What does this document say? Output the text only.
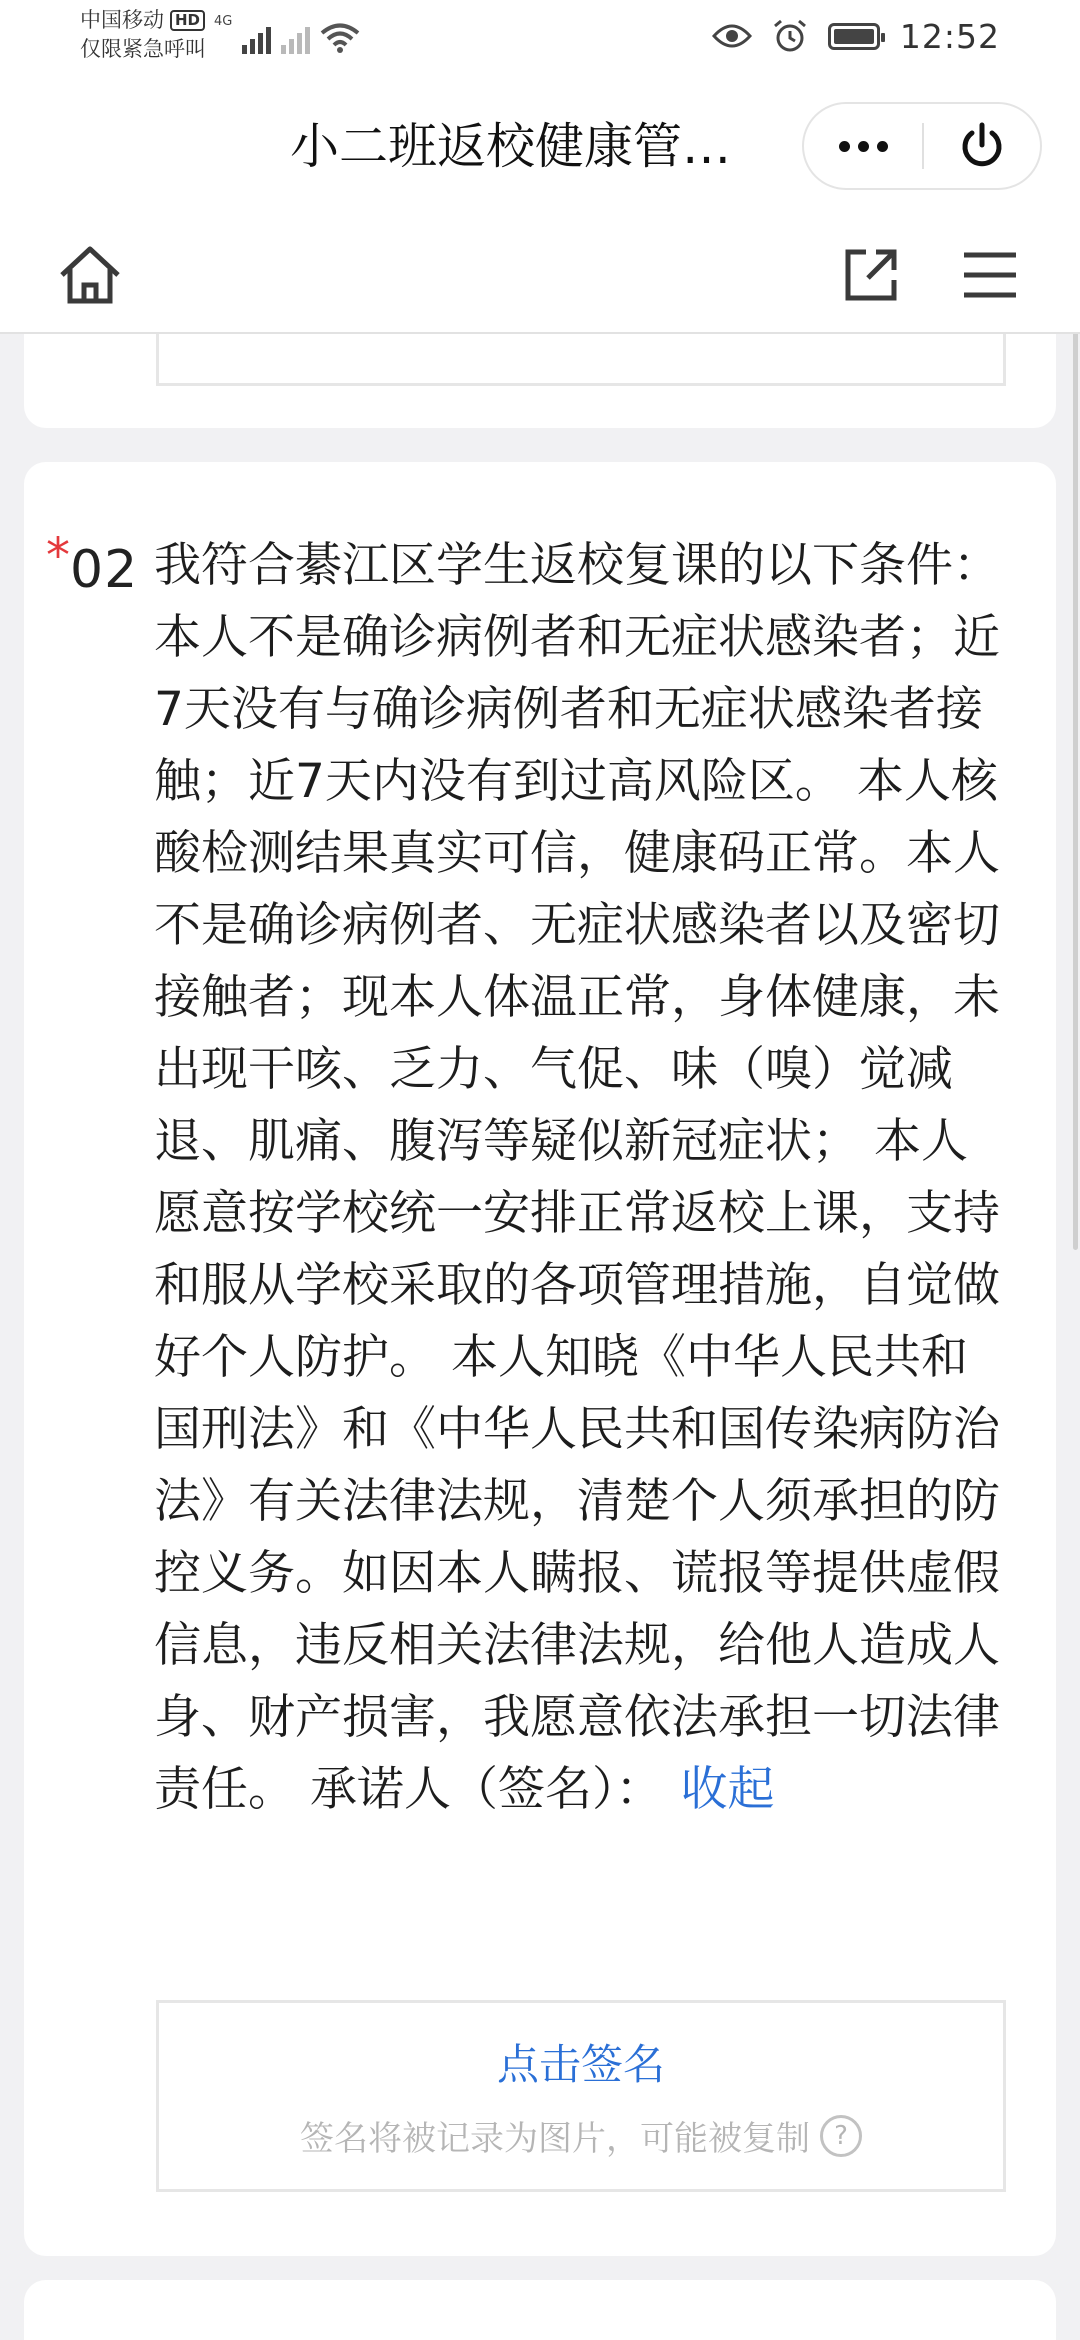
中国移动 HD
仅限紧急呼叫
4G	12:52
小二班返校健康管…
* 02 我符合綦江区学生返校复课的以下条件： 本人不是确诊病例者和无症状感染者；近7天没有与确诊病例者和无症状感染者接触；近7天内没有到过高风险区。 本人核酸检测结果真实可信，健康码正常。本人不是确诊病例者、无症状感染者以及密切接触者；现本人体温正常，身体健康，未出现干咳、乏力、气促、味（嗅）觉减退、肌痛、腹泻等疑似新冠症状； 本人愿意按学校统一安排正常返校上课，支持和服从学校采取的各项管理措施，自觉做好个人防护。 本人知晓《中华人民共和国刑法》和《中华人民共和国传染病防治法》有关法律法规，清楚个人须承担的防控义务。如因本人瞒报、谎报等提供虚假信息，违反相关法律法规，给他人造成人身、财产损害，我愿意依法承担一切法律责任。 承诺人（签名）： 收起
点击签名
签名将被记录为图片，可能被复制 ?
